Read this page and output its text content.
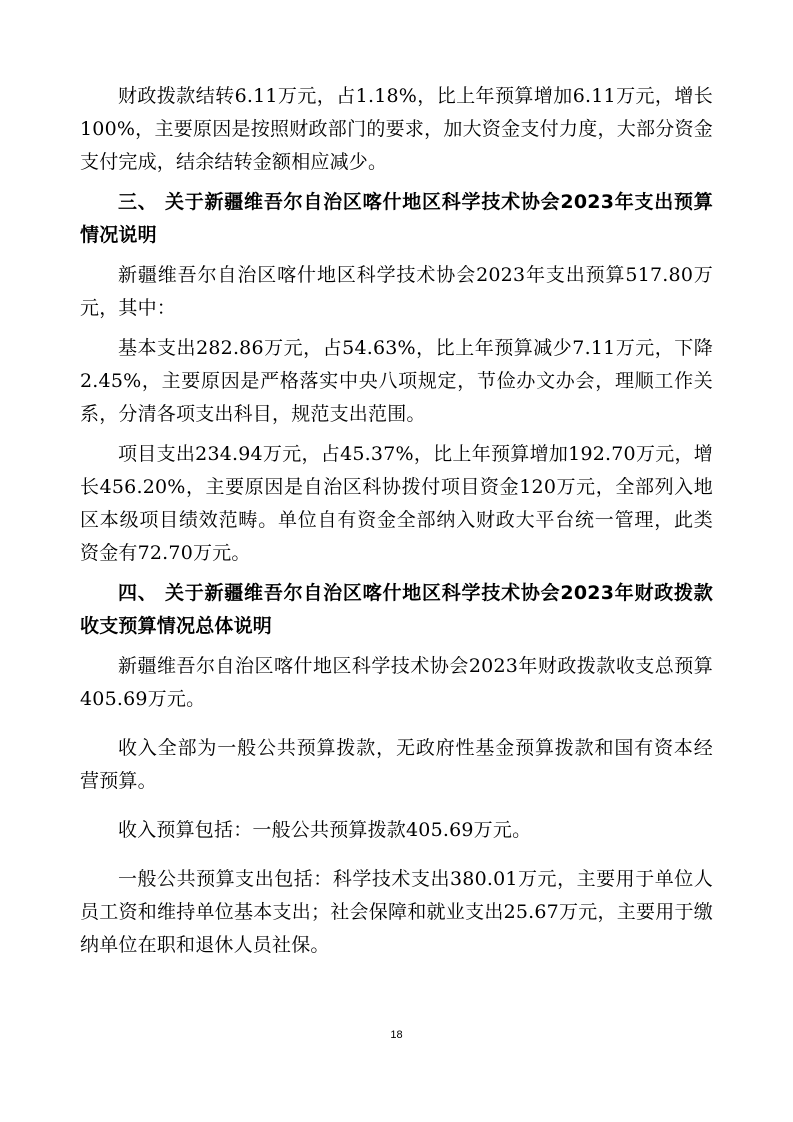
财政拨款结转6.11万元，占1.18%，比上年预算增加6.11万元，增长100%，主要原因是按照财政部门的要求，加大资金支付力度，大部分资金支付完成，结余结转金额相应减少。

三、 关于新疆维吾尔自治区喀什地区科学技术协会2023年支出预算情况说明

新疆维吾尔自治区喀什地区科学技术协会2023年支出预算517.80万元，其中：

基本支出282.86万元，占54.63%，比上年预算减少7.11万元，下降2.45%，主要原因是严格落实中央八项规定，节俭办文办会，理顺工作关系，分清各项支出科目，规范支出范围。

项目支出234.94万元，占45.37%，比上年预算增加192.70万元，增长456.20%，主要原因是自治区科协拨付项目资金120万元，全部列入地区本级项目绩效范畴。单位自有资金全部纳入财政大平台统一管理，此类资金有72.70万元。

四、 关于新疆维吾尔自治区喀什地区科学技术协会2023年财政拨款收支预算情况总体说明

新疆维吾尔自治区喀什地区科学技术协会2023年财政拨款收支总预算405.69万元。

收入全部为一般公共预算拨款，无政府性基金预算拨款和国有资本经营预算。

收入预算包括：一般公共预算拨款405.69万元。

一般公共预算支出包括：科学技术支出380.01万元，主要用于单位人员工资和维持单位基本支出；社会保障和就业支出25.67万元，主要用于缴纳单位在职和退休人员社保。

18
